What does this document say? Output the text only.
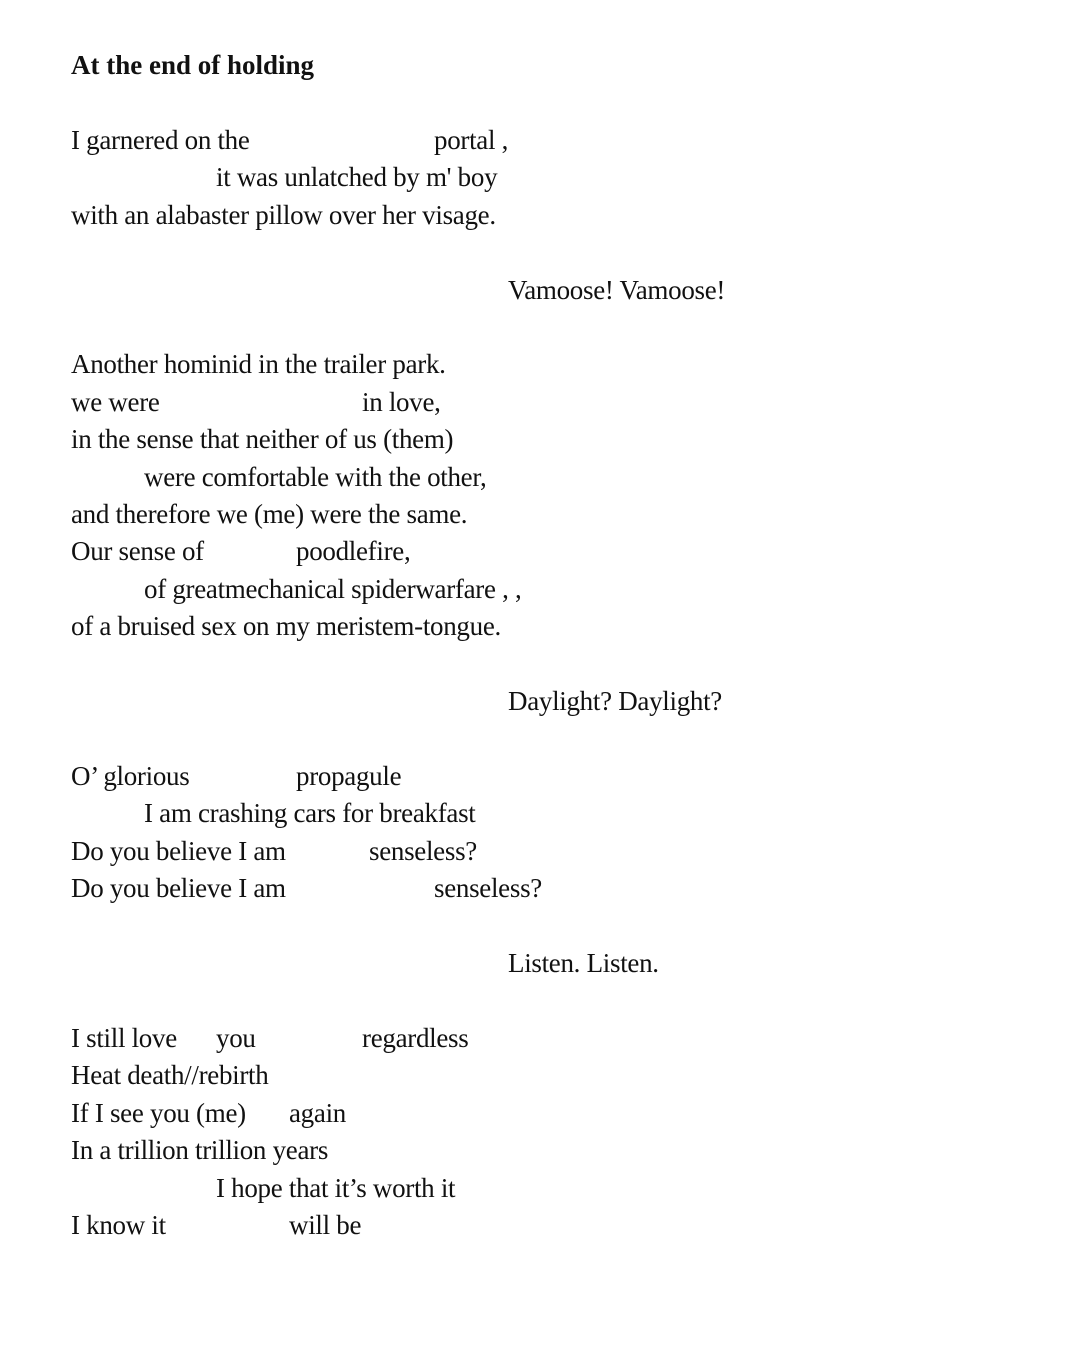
At the end of holding
I garnered on the	portal ,
it was unlatched by m' boy
with an alabaster pillow over her visage.
Vamoose! Vamoose!
Another hominid in the trailer park.
we were	in love,
in the sense that neither of us (them)
were comfortable with the other,
and therefore we (me) were the same.
Our sense of	poodlefire,
of greatmechanical spiderwarfare , ,
of a bruised sex on my meristem-tongue.
Daylight? Daylight?
O’ glorious	propagule
I am crashing cars for breakfast
Do you believe I am	senseless?
Do you believe I am	senseless?
Listen. Listen.
I still love you	regardless
Heat death//rebirth
If I see you (me) again
In a trillion trillion years
I hope that it’s worth it
I know it	will be
